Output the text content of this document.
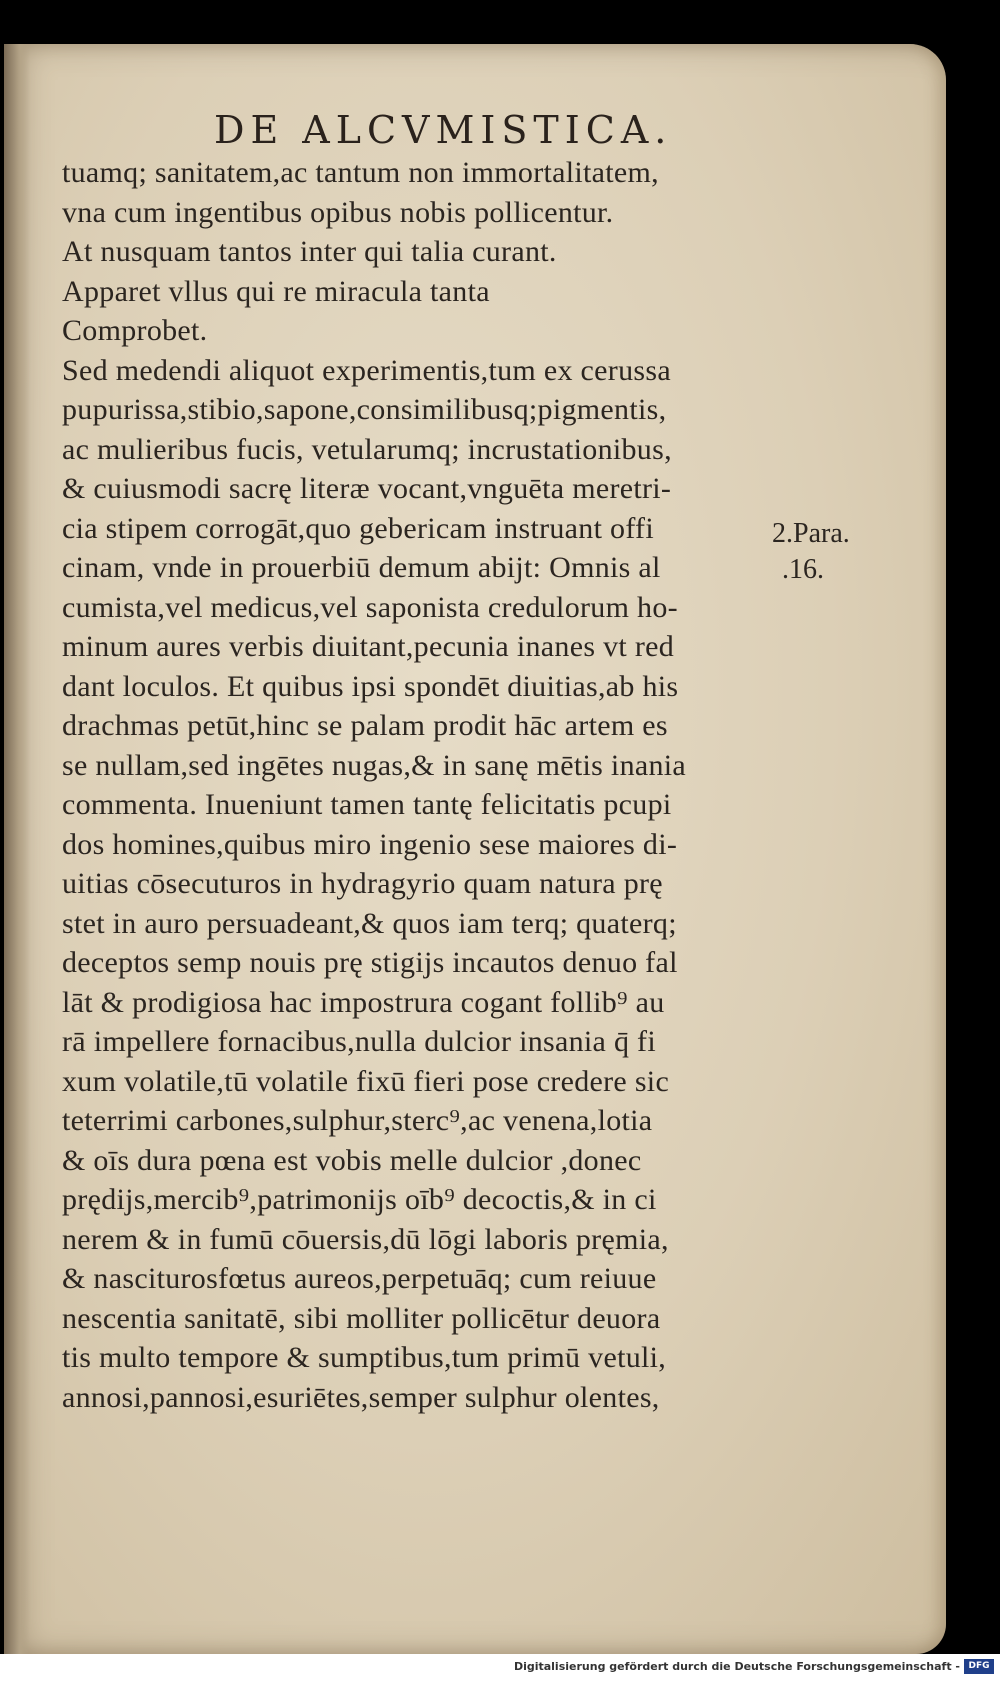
DE ALCVMISTICA.
tuamq; sanitatem,ac tantum non immortalitatem,
vna cum ingentibus opibus nobis pollicentur.
At nusquam tantos inter qui talia curant.
Apparet vllus qui re miracula tanta
Comprobet.
Sed medendi aliquot experimentis,tum ex cerussa
pupurissa,stibio,sapone,consimilibusq;pigmentis,
ac mulieribus fucis, vetularumq; incrustationibus,
& cuiusmodi sacrę literæ vocant,vnguēta meretri-
cia stipem corrogāt,quo gebericam instruant offi
cinam, vnde in prouerbiū demum abijt: Omnis al
cumista,vel medicus,vel saponista credulorum ho-
minum aures verbis diuitant,pecunia inanes vt red
dant loculos. Et quibus ipsi spondēt diuitias,ab his
drachmas petūt,hinc se palam prodit hāc artem es
se nullam,sed ingētes nugas,& in sanę mētis inania
commenta. Inueniunt tamen tantę felicitatis pcupi
dos homines,quibus miro ingenio sese maiores di-
uitias cōsecuturos in hydragyrio quam natura prę
stet in auro persuadeant,& quos iam terq; quaterq;
deceptos semp nouis prę stigijs incautos denuo fal
lāt & prodigiosa hac impostrura cogant follib⁹ au
rā impellere fornacibus,nulla dulcior insania q̄ fi
xum volatile,tū volatile fixū fieri pose credere sic
teterrimi carbones,sulphur,sterc⁹,ac venena,lotia
& oīs dura pœna est vobis melle dulcior ,donec
prędijs,mercib⁹,patrimonijs oīb⁹ decoctis,& in ci
nerem & in fumū cōuersis,dū lōgi laboris pręmia,
& nasciturosfœtus aureos,perpetuāq; cum reiuue
nescentia sanitatē, sibi molliter pollicētur deuora
tis multo tempore & sumptibus,tum primū vetuli,
annosi,pannosi,esuriētes,semper sulphur olentes,
2.Para.
.16.
Digitalisierung gefördert durch die Deutsche Forschungsgemeinschaft - DFG
